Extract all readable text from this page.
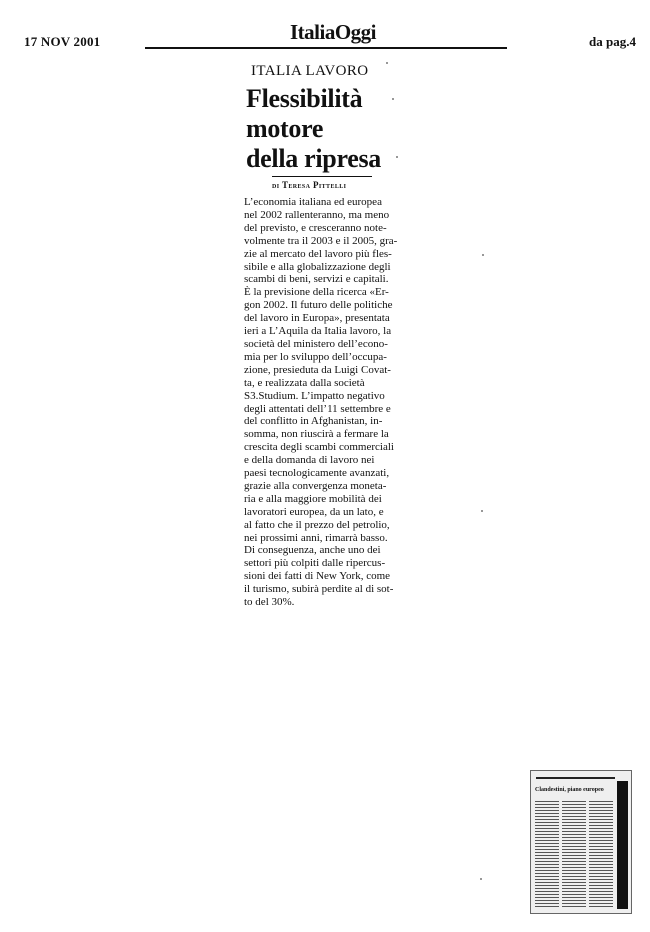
17 NOV 2001	ItaliaOggi	da pag.4
ITALIA LAVORO
Flessibilità
motore
della ripresa
di Teresa Pittelli

L’economia italiana ed europea
nel 2002 rallenteranno, ma meno
del previsto, e cresceranno note-
volmente tra il 2003 e il 2005, gra-
zie al mercato del lavoro più fles-
sibile e alla globalizzazione degli
scambi di beni, servizi e capitali.
È la previsione della ricerca «Er-
gon 2002. Il futuro delle politiche
del lavoro in Europa», presentata
ieri a L’Aquila da Italia lavoro, la
società del ministero dell’econo-
mia per lo sviluppo dell’occupa-
zione, presieduta da Luigi Covat-
ta, e realizzata dalla società
S3.Studium. L’impatto negativo
degli attentati dell’11 settembre e
del conflitto in Afghanistan, in-
somma, non riuscirà a fermare la
crescita degli scambi commerciali
e della domanda di lavoro nei
paesi tecnologicamente avanzati,
grazie alla convergenza moneta-
ria e alla maggiore mobilità dei
lavoratori europea, da un lato, e
al fatto che il prezzo del petrolio,
nei prossimi anni, rimarrà basso.
Di conseguenza, anche uno dei
settori più colpiti dalle ripercus-
sioni dei fatti di New York, come
il turismo, subirà perdite al di sot-
to del 30%.

Clandestini, piano europeo
